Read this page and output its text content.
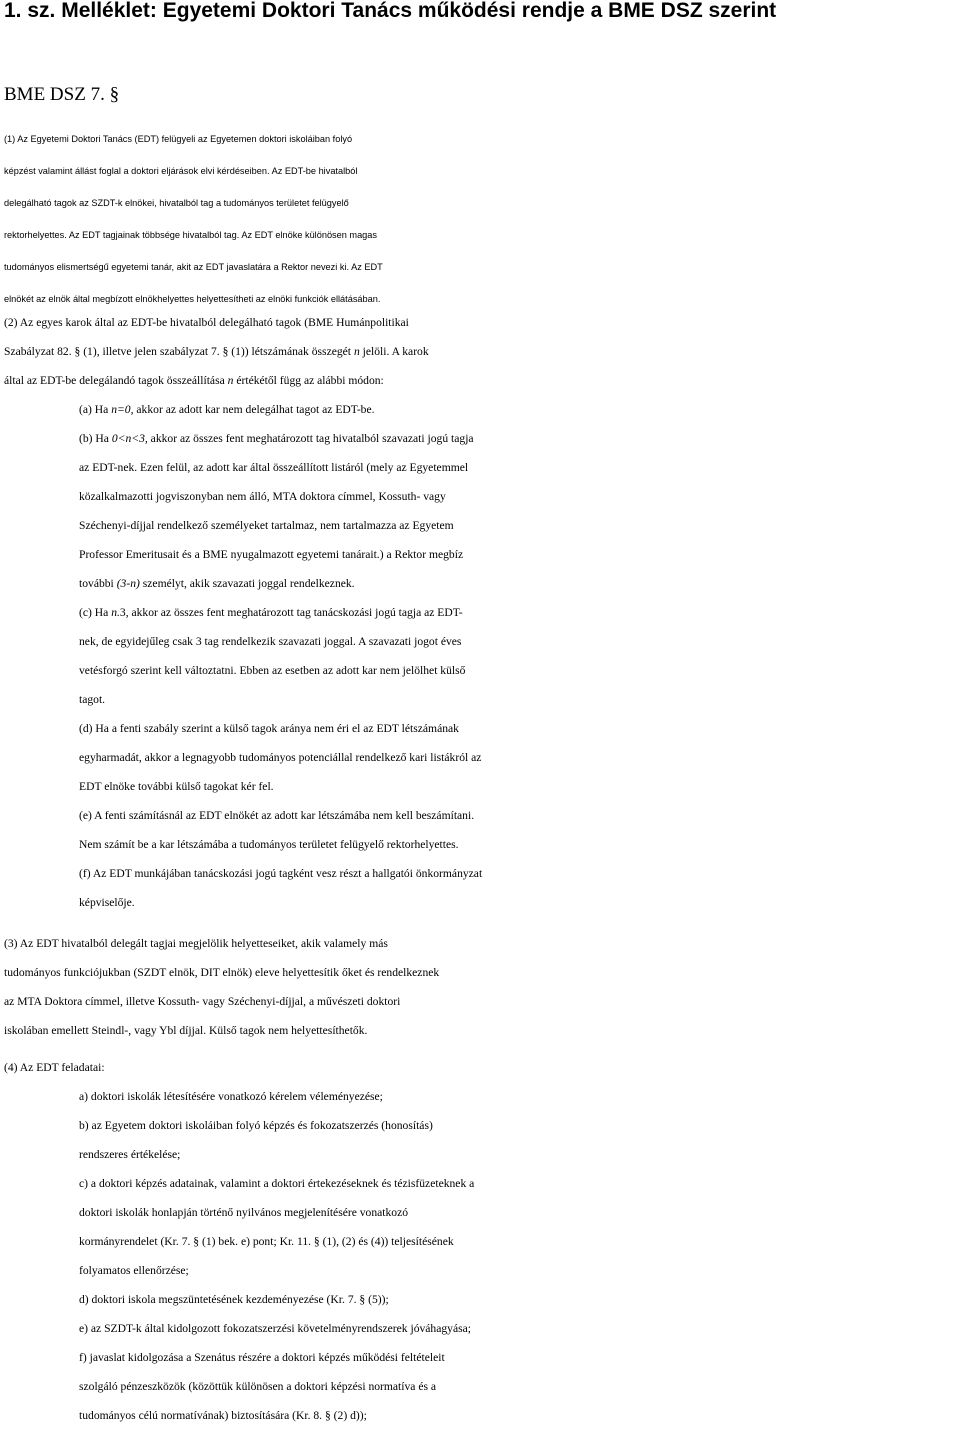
1. sz. Melléklet: Egyetemi Doktori Tanács működési rendje a BME DSZ szerint
BME DSZ 7. §
(1) Az Egyetemi Doktori Tanács (EDT) felügyeli az Egyetemen doktori iskoláiban folyó
képzést valamint állást foglal a doktori eljárások elvi kérdéseiben. Az EDT-be hivatalból
delegálható tagok az SZDT-k elnökei, hivatalból tag a tudományos területet felügyelő
rektorhelyettes. Az EDT tagjainak többsége hivatalból tag. Az EDT elnöke különösen magas
tudományos elismertségű egyetemi tanár, akit az EDT javaslatára a Rektor nevezi ki. Az EDT
elnökét az elnök által megbízott elnökhelyettes helyettesítheti az elnöki funkciók ellátásában.
(2) Az egyes karok által az EDT-be hivatalból delegálható tagok (BME Humánpolitikai
Szabályzat 82. § (1), illetve jelen szabályzat 7. § (1)) létszámának összegét n jelöli. A karok
által az EDT-be delegálandó tagok összeállítása n értékétől függ az alábbi módon:
(a) Ha n=0, akkor az adott kar nem delegálhat tagot az EDT-be.
(b) Ha 0<n<3, akkor az összes fent meghatározott tag hivatalból szavazati jogú tagja
az EDT-nek. Ezen felül, az adott kar által összeállított listáról (mely az Egyetemmel
közalkalmazotti jogviszonyban nem álló, MTA doktora címmel, Kossuth- vagy
Széchenyi-díjjal rendelkező személyeket tartalmaz, nem tartalmazza az Egyetem
Professor Emeritusait és a BME nyugalmazott egyetemi tanárait.) a Rektor megbíz
további (3-n) személyt, akik szavazati joggal rendelkeznek.
(c) Ha n.3, akkor az összes fent meghatározott tag tanácskozási jogú tagja az EDT-
nek, de egyidejűleg csak 3 tag rendelkezik szavazati joggal. A szavazati jogot éves
vetésforgó szerint kell változtatni. Ebben az esetben az adott kar nem jelölhet külső
tagot.
(d) Ha a fenti szabály szerint a külső tagok aránya nem éri el az EDT létszámának
egyharmadát, akkor a legnagyobb tudományos potenciállal rendelkező kari listákról az
EDT elnöke további külső tagokat kér fel.
(e) A fenti számításnál az EDT elnökét az adott kar létszámába nem kell beszámítani.
Nem számít be a kar létszámába a tudományos területet felügyelő rektorhelyettes.
(f) Az EDT munkájában tanácskozási jogú tagként vesz részt a hallgatói önkormányzat
képviselője.
(3) Az EDT hivatalból delegált tagjai megjelölik helyetteseiket, akik valamely más
tudományos funkciójukban (SZDT elnök, DIT elnök) eleve helyettesítik őket és rendelkeznek
az MTA Doktora címmel, illetve Kossuth- vagy Széchenyi-díjjal, a művészeti doktori
iskolában emellett Steindl-, vagy Ybl díjjal. Külső tagok nem helyettesíthetők.
(4) Az EDT feladatai:
a) doktori iskolák létesítésére vonatkozó kérelem véleményezése;
b) az Egyetem doktori iskoláiban folyó képzés és fokozatszerzés (honosítás)
rendszeres értékelése;
c) a doktori képzés adatainak, valamint a doktori értekezéseknek és tézisfüzeteknek a
doktori iskolák honlapján történő nyilvános megjelenítésére vonatkozó
kormányrendelet (Kr. 7. § (1) bek. e) pont; Kr. 11. § (1), (2) és (4)) teljesítésének
folyamatos ellenőrzése;
d) doktori iskola megszüntetésének kezdeményezése (Kr. 7. § (5));
e) az SZDT-k által kidolgozott fokozatszerzési követelményrendszerek jóváhagyása;
f) javaslat kidolgozása a Szenátus részére a doktori képzés működési feltételeit
szolgáló pénzeszközök (közöttük különösen a doktori képzési normatíva és a
tudományos célú normatívának) biztosítására (Kr. 8. § (2) d));
